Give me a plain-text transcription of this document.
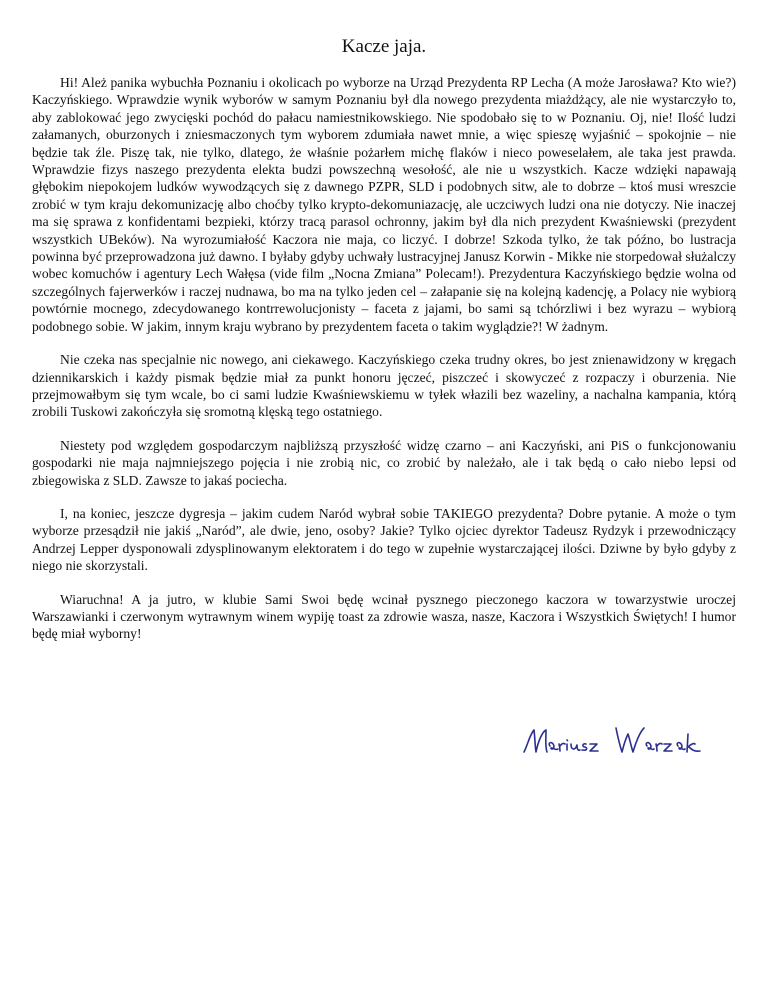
Kacze jaja.

Hi! Ależ panika wybuchła Poznaniu i okolicach po wyborze na Urząd Prezydenta RP Lecha (A może Jarosława? Kto wie?) Kaczyńskiego. Wprawdzie wynik wyborów w samym Poznaniu był dla nowego prezydenta miażdżący, ale nie wystarczyło to, aby zablokować jego zwycięski pochód do pałacu namiestnikowskiego. Nie spodobało się to w Poznaniu. Oj, nie! Ilość ludzi załamanych, oburzonych i zniesmaczonych tym wyborem zdumiała nawet mnie, a więc spieszę wyjaśnić – spokojnie – nie będzie tak źle. Piszę tak, nie tylko, dlatego, że właśnie pożarłem michę flaków i nieco poweselałem, ale taka jest prawda. Wprawdzie fizys naszego prezydenta elekta budzi powszechną wesołość, ale nie u wszystkich. Kacze wdzięki napawają głębokim niepokojem ludków wywodzących się z dawnego PZPR, SLD i podobnych sitw, ale to dobrze – ktoś musi wreszcie zrobić w tym kraju dekomunizację albo choćby tylko krypto-dekomuniazację, ale uczciwych ludzi ona nie dotyczy. Nie inaczej ma się sprawa z konfidentami bezpieki, którzy tracą parasol ochronny, jakim był dla nich prezydent Kwaśniewski (prezydent wszystkich UBeków). Na wyrozumiałość Kaczora nie maja, co liczyć. I dobrze! Szkoda tylko, że tak późno, bo lustracja powinna być przeprowadzona już dawno. I byłaby gdyby uchwały lustracyjnej Janusz Korwin - Mikke nie storpedował służalczy wobec komuchów i agentury Lech Wałęsa (vide film „Nocna Zmiana” Polecam!). Prezydentura Kaczyńskiego będzie wolna od szczególnych fajerwerków i raczej nudnawa, bo ma na tylko jeden cel – załapanie się na kolejną kadencję, a Polacy nie wybiorą powtórnie mocnego, zdecydowanego kontrrewolucjonisty – faceta z jajami, bo sami są tchórzliwi i bez wyrazu – wybiorą podobnego sobie. W jakim, innym kraju wybrano by prezydentem faceta o takim wyglądzie?! W żadnym.

Nie czeka nas specjalnie nic nowego, ani ciekawego. Kaczyńskiego czeka trudny okres, bo jest znienawidzony w kręgach dziennikarskich i każdy pismak będzie miał za punkt honoru jęczeć, piszczeć i skowyczeć z rozpaczy i oburzenia. Nie przejmowałbym się tym wcale, bo ci sami ludzie Kwaśniewskiemu w tyłek włazili bez wazeliny, a nachalna kampania, którą zrobili Tuskowi zakończyła się sromotną klęską tego ostatniego.

Niestety pod względem gospodarczym najbliższą przyszłość widzę czarno – ani Kaczyński, ani PiS o funkcjonowaniu gospodarki nie maja najmniejszego pojęcia i nie zrobią nic, co zrobić by należało, ale i tak będą o cało niebo lepsi od zbiegowiska z SLD. Zawsze to jakaś pociecha.

I, na koniec, jeszcze dygresja – jakim cudem Naród wybrał sobie TAKIEGO prezydenta? Dobre pytanie. A może o tym wyborze przesądził nie jakiś „Naród”, ale dwie, jeno, osoby? Jakie? Tylko ojciec dyrektor Tadeusz Rydzyk i przewodniczący Andrzej Lepper dysponowali zdysplinowanym elektoratem i do tego w zupełnie wystarczającej ilości. Dziwne by było gdyby z niego nie skorzystali.

Wiaruchna! A ja jutro, w klubie Sami Swoi będę wcinał pysznego pieczonego kaczora w towarzystwie uroczej Warszawianki i czerwonym wytrawnym winem wypiję toast za zdrowie wasza, nasze, Kaczora i Wszystkich Świętych! I humor będę miał wyborny!
